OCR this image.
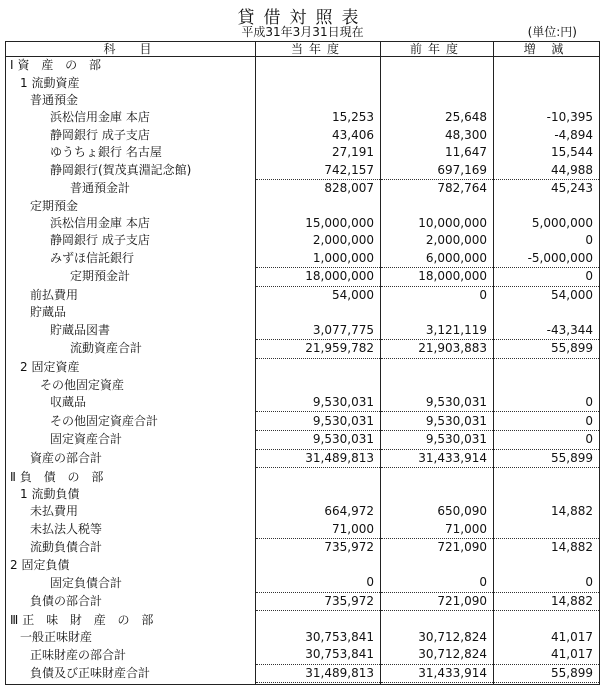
貸借対照表
平成31年3月31日現在	(単位:円)
科　目	当年度	前年度	増 減
Ⅰ資 産 の 部			
1 流動資産			
普通預金			
浜松信用金庫 本店	15,253	25,648	-10,395
静岡銀行 成子支店	43,406	48,300	-4,894
ゆうちょ銀行 名古屋	27,191	11,647	15,544
静岡銀行(賀茂真淵記念館)	742,157	697,169	44,988
普通預金計	828,007	782,764	45,243
定期預金			
浜松信用金庫 本店	15,000,000	10,000,000	5,000,000
静岡銀行 成子支店	2,000,000	2,000,000	0
みずほ信託銀行	1,000,000	6,000,000	-5,000,000
定期預金計	18,000,000	18,000,000	0
前払費用	54,000	0	54,000
貯蔵品			
貯蔵品図書	3,077,775	3,121,119	-43,344
流動資産合計	21,959,782	21,903,883	55,899

2 固定資産			
その他固定資産			
収蔵品	9,530,031	9,530,031	0
その他固定資産合計	9,530,031	9,530,031	0
固定資産合計	9,530,031	9,530,031	0
資産の部合計	31,489,813	31,433,914	55,899

Ⅱ負 債 の 部			
1 流動負債			
未払費用	664,972	650,090	14,882
未払法人税等	71,000	71,000	
流動負債合計	735,972	721,090	14,882
2 固定負債			
固定負債合計	0	0	0
負債の部合計	735,972	721,090	14,882

Ⅲ正 味 財 産 の 部			
一般正味財産	30,753,841	30,712,824	41,017
正味財産の部合計	30,753,841	30,712,824	41,017
負債及び正味財産合計	31,489,813	31,433,914	55,899
